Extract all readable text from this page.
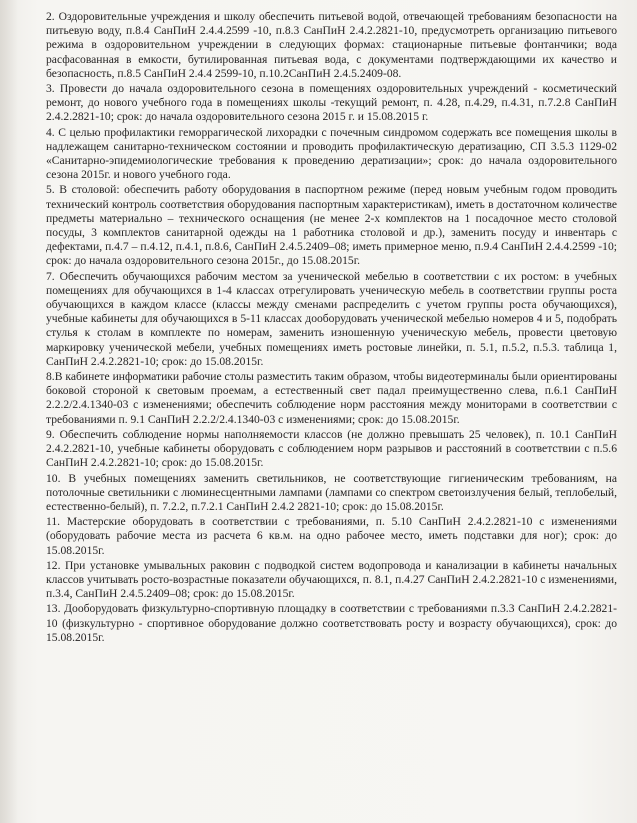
2. Оздоровительные учреждения и школу обеспечить питьевой водой, отвечающей требованиям безопасности на питьевую воду, п.8.4 СанПиН 2.4.4.2599 -10, п.8.3 СанПиН 2.4.2.2821-10, предусмотреть организацию питьевого режима в оздоровительном учреждении в следующих формах: стационарные питьевые фонтанчики; вода расфасованная в емкости, бутилированная питьевая вода, с документами подтверждающими их качество и безопасность, п.8.5 СанПиН 2.4.4 2599-10, п.10.2СанПиН 2.4.5.2409-08.

3. Провести до начала оздоровительного сезона в помещениях оздоровительных учреждений - косметический ремонт, до нового учебного года в помещениях школы -текущий ремонт, п. 4.28, п.4.29, п.4.31, п.7.2.8 СанПиН 2.4.2.2821-10; срок: до начала оздоровительного сезона 2015 г. и 15.08.2015 г.

4. С целью профилактики геморрагической лихорадки с почечным синдромом содержать все помещения школы в надлежащем санитарно-техническом состоянии и проводить профилактическую дератизацию, СП 3.5.3 1129-02 «Санитарно-эпидемиологические требования к проведению дератизации»; срок: до начала оздоровительного сезона 2015г. и нового учебного года.

5. В столовой: обеспечить работу оборудования в паспортном режиме (перед новым учебным годом проводить технический контроль соответствия оборудования паспортным характеристикам), иметь в достаточном количестве предметы материально – технического оснащения (не менее 2-х комплектов на 1 посадочное место столовой посуды, 3 комплектов санитарной одежды на 1 работника столовой и др.), заменить посуду и инвентарь с дефектами, п.4.7 – п.4.12, п.4.1, п.8.6, СанПиН 2.4.5.2409–08; иметь примерное меню, п.9.4 СанПиН 2.4.4.2599 -10; срок: до начала оздоровительного сезона 2015г., до 15.08.2015г.

7. Обеспечить обучающихся рабочим местом за ученической мебелью в соответствии с их ростом: в учебных помещениях для обучающихся в 1-4 классах отрегулировать ученическую мебель в соответствии группы роста обучающихся в каждом классе (классы между сменами распределить с учетом группы роста обучающихся), учебные кабинеты для обучающихся в 5-11 классах дооборудовать ученической мебелью номеров 4 и 5, подобрать стулья к столам в комплекте по номерам, заменить изношенную ученическую мебель, провести цветовую маркировку ученической мебели, учебных помещениях иметь ростовые линейки, п. 5.1, п.5.2, п.5.3. таблица 1, СанПиН 2.4.2.2821-10; срок: до 15.08.2015г.

8.В кабинете информатики рабочие столы разместить таким образом, чтобы видеотерминалы были ориентированы боковой стороной к световым проемам, а естественный свет падал преимущественно слева, п.6.1 СанПиН 2.2.2/2.4.1340-03 с изменениями; обеспечить соблюдение норм расстояния между мониторами в соответствии с требованиями п. 9.1 СанПиН 2.2.2/2.4.1340-03 с изменениями; срок: до 15.08.2015г.

9. Обеспечить соблюдение нормы наполняемости классов (не должно превышать 25 человек), п. 10.1 СанПиН 2.4.2.2821-10, учебные кабинеты оборудовать с соблюдением норм разрывов и расстояний в соответствии с п.5.6 СанПиН 2.4.2.2821-10; срок: до 15.08.2015г.

10. В учебных помещениях заменить светильников, не соответствующие гигиеническим требованиям, на потолочные светильники с люминесцентными лампами (лампами со спектром светоизлучения белый, теплобелый, естественно-белый), п. 7.2.2, п.7.2.1 СанПиН 2.4.2 2821-10; срок: до 15.08.2015г.

11. Мастерские оборудовать в соответствии с требованиями, п. 5.10 СанПиН 2.4.2.2821-10 с изменениями (оборудовать рабочие места из расчета 6 кв.м. на одно рабочее место, иметь подставки для ног); срок: до 15.08.2015г.

12. При установке умывальных раковин с подводкой систем водопровода и канализации в кабинеты начальных классов учитывать росто-возрастные показатели обучающихся, п. 8.1, п.4.27 СанПиН 2.4.2.2821-10 с изменениями, п.3.4, СанПиН 2.4.5.2409–08; срок: до 15.08.2015г.

13. Дооборудовать физкультурно-спортивную площадку в соответствии с требованиями п.3.3 СанПиН 2.4.2.2821-10 (физкультурно - спортивное оборудование должно соответствовать росту и возрасту обучающихся), срок: до 15.08.2015г.
